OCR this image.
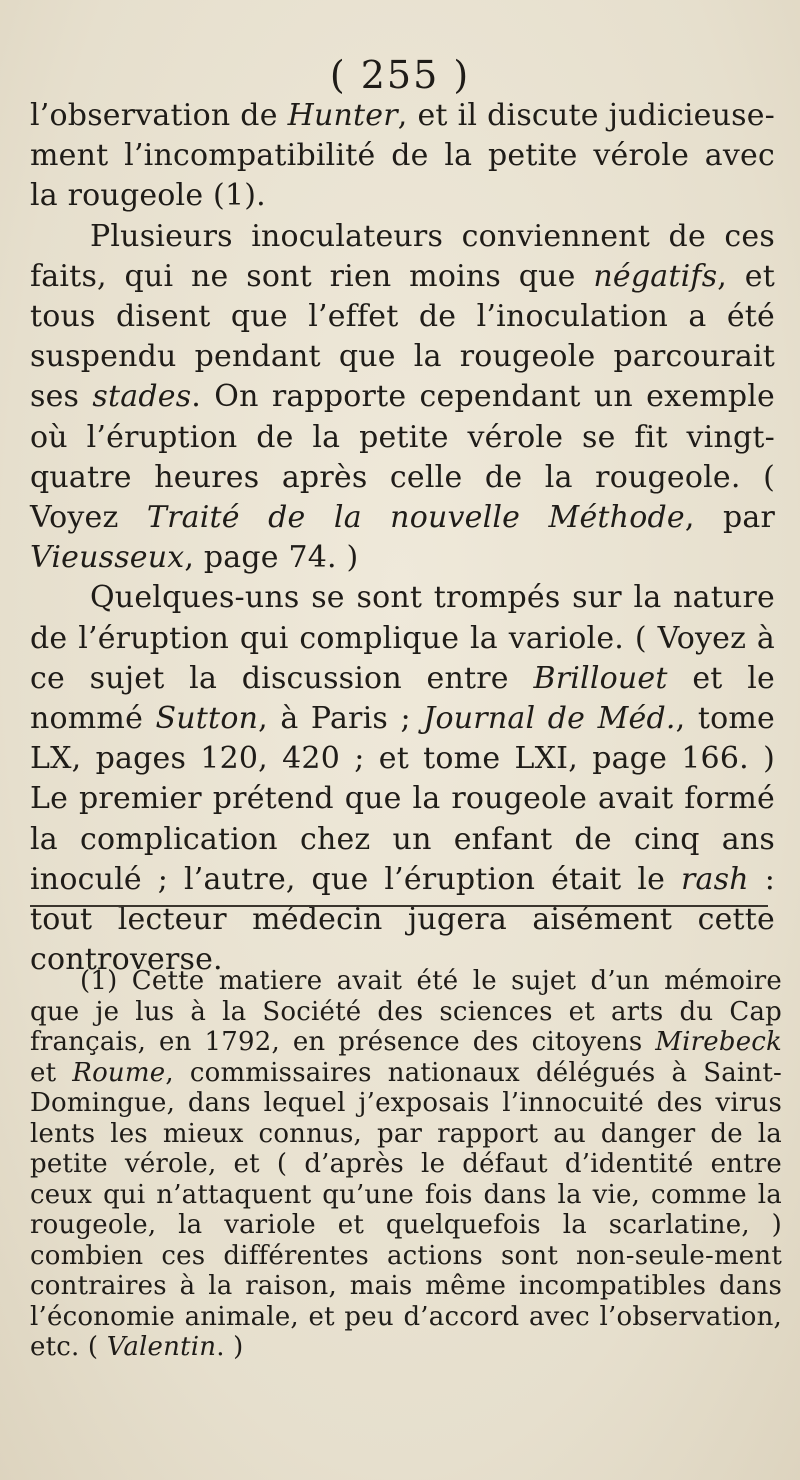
( 255 )

l’observation de Hunter, et il discute judicieuse-ment l’incompatibilité de la petite vérole avec la rougeole (1).

Plusieurs inoculateurs conviennent de ces faits, qui ne sont rien moins que négatifs, et tous disent que l’effet de l’inoculation a été suspendu pendant que la rougeole parcourait ses stades. On rapporte cependant un exemple où l’éruption de la petite vérole se fit vingt-quatre heures après celle de la rougeole. ( Voyez Traité de la nouvelle Méthode, par Vieusseux, page 74. )

Quelques-uns se sont trompés sur la nature de l’éruption qui complique la variole. ( Voyez à ce sujet la discussion entre Brillouet et le nommé Sutton, à Paris ; Journal de Méd., tome LX, pages 120, 420 ; et tome LXI, page 166. ) Le premier prétend que la rougeole avait formé la complication chez un enfant de cinq ans inoculé ; l’autre, que l’éruption était le rash : tout lecteur médecin jugera aisément cette controverse.

(1) Cette matiere avait été le sujet d’un mémoire que je lus à la Société des sciences et arts du Cap français, en 1792, en présence des citoyens Mirebeck et Roume, commissaires nationaux délégués à Saint-Domingue, dans lequel j’exposais l’innocuité des virus lents les mieux connus, par rapport au danger de la petite vérole, et ( d’après le défaut d’identité entre ceux qui n’attaquent qu’une fois dans la vie, comme la rougeole, la variole et quelquefois la scarlatine, ) combien ces différentes actions sont non-seule-ment contraires à la raison, mais même incompatibles dans l’économie animale, et peu d’accord avec l’observation, etc. ( Valentin. )
